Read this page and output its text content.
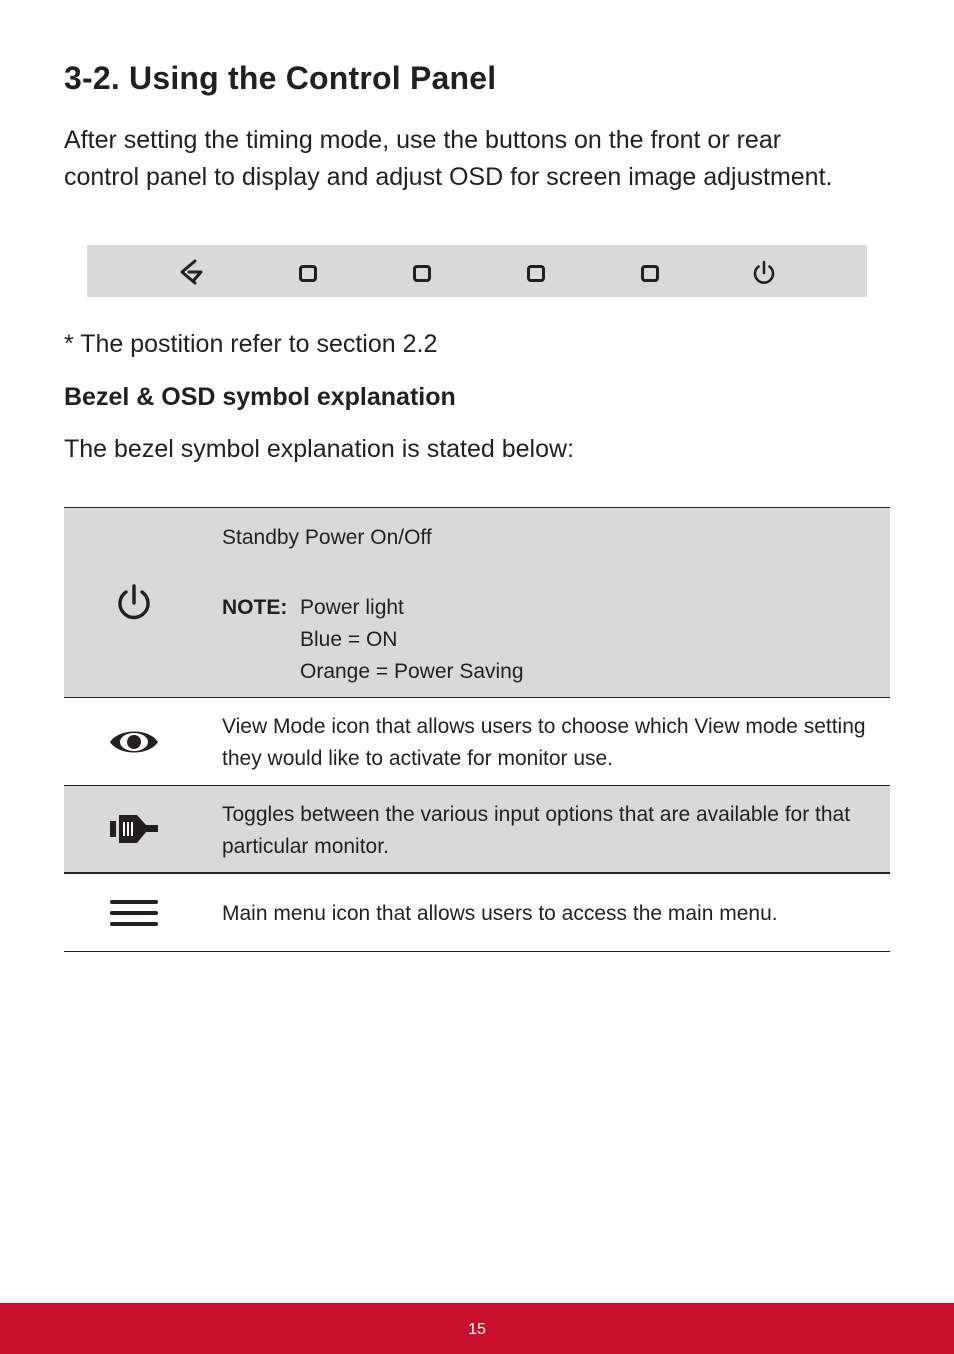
3-2. Using the Control Panel

After setting the timing mode, use the buttons on the front or rear control panel to display and adjust OSD for screen image adjustment.

* The postition refer to section 2.2

Bezel & OSD symbol explanation

The bezel symbol explanation is stated below:

Standby Power On/Off
NOTE: Power light
Blue = ON
Orange = Power Saving
View Mode icon that allows users to choose which View mode setting they would like to activate for monitor use.
Toggles between the various input options that are available for that particular monitor.
Main menu icon that allows users to access the main menu.
15
